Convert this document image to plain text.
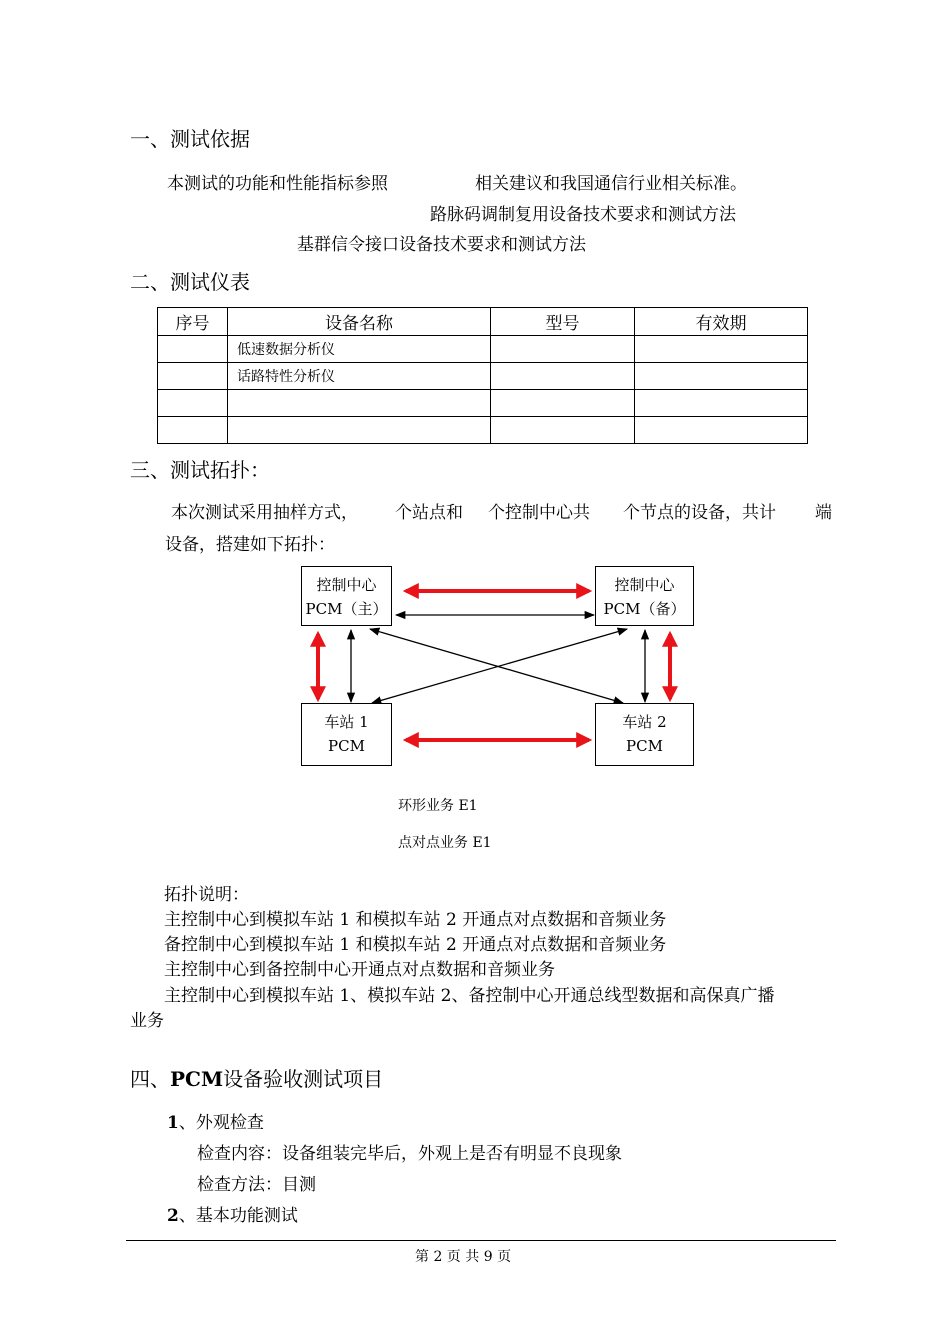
一、测试依据
本测试的功能和性能指标参照	相关建议和我国通信行业相关标准。
路脉码调制复用设备技术要求和测试方法
基群信令接口设备技术要求和测试方法
二、测试仪表
序号	设备名称	型号	有效期
	低速数据分析仪		
	话路特性分析仪		

三、测试拓扑：
本次测试采用抽样方式， 个站点和 个控制中心共 个节点的设备，共计 端
设备，搭建如下拓扑：
控制中心
PCM（主）
控制中心
PCM（备）
车站 1
PCM
车站 2
PCM
环形业务 E1
点对点业务 E1
拓扑说明：
主控制中心到模拟车站 1 和模拟车站 2 开通点对点数据和音频业务
备控制中心到模拟车站 1 和模拟车站 2 开通点对点数据和音频业务
主控制中心到备控制中心开通点对点数据和音频业务
主控制中心到模拟车站 1、模拟车站 2、备控制中心开通总线型数据和高保真广播
业务
四、PCM设备验收测试项目
1、外观检查
检查内容：设备组装完毕后，外观上是否有明显不良现象
检查方法：目测
2、基本功能测试
第 2 页 共 9 页
